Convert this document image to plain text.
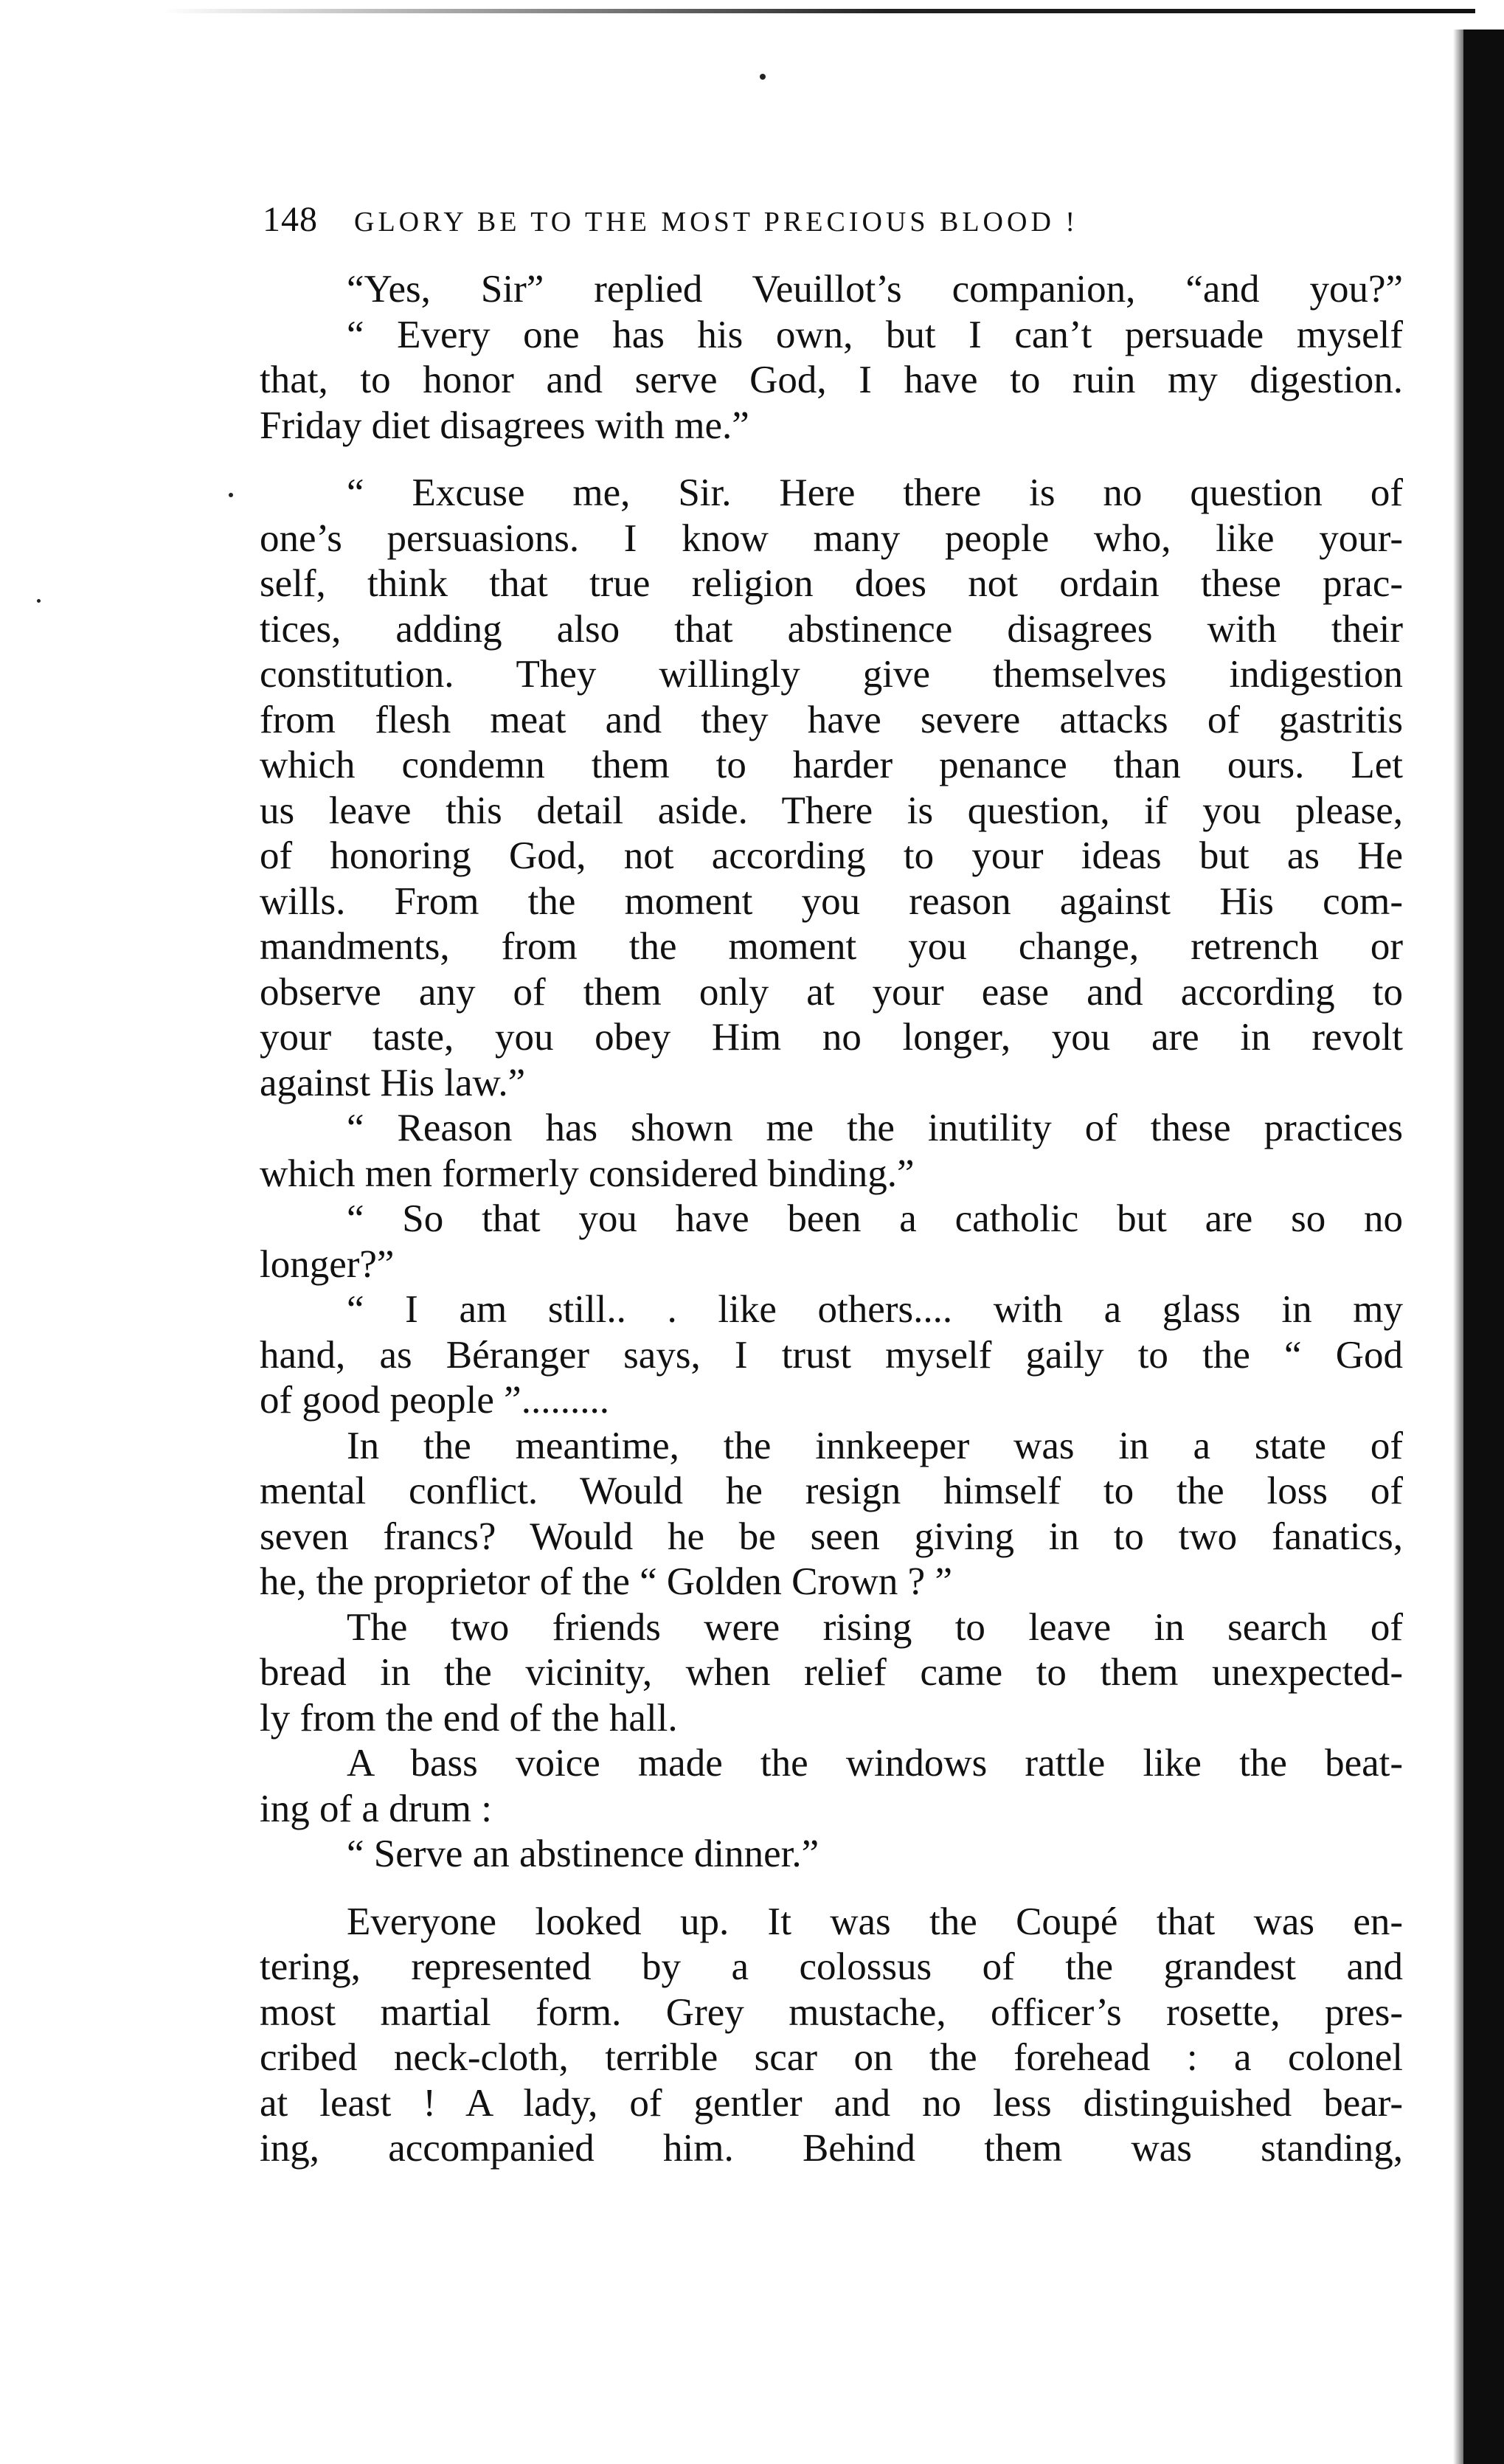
148 GLORY BE TO THE MOST PRECIOUS BLOOD !
“Yes, Sir” replied Veuillot’s companion, “and you?”
“ Every one has his own, but I can’t persuade myself
that, to honor and serve God, I have to ruin my digestion.
Friday diet disagrees with me.”
“ Excuse me, Sir. Here there is no question of
one’s persuasions. I know many people who, like your-
self, think that true religion does not ordain these prac-
tices, adding also that abstinence disagrees with their
constitution. They willingly give themselves indigestion
from flesh meat and they have severe attacks of gastritis
which condemn them to harder penance than ours. Let
us leave this detail aside. There is question, if you please,
of honoring God, not according to your ideas but as He
wills. From the moment you reason against His com-
mandments, from the moment you change, retrench or
observe any of them only at your ease and according to
your taste, you obey Him no longer, you are in revolt
against His law.”
“ Reason has shown me the inutility of these practices
which men formerly considered binding.”
“ So that you have been a catholic but are so no
longer?”
“ I am still.. . like others.... with a glass in my
hand, as Béranger says, I trust myself gaily to the “ God
of good people ”.........
In the meantime, the innkeeper was in a state of
mental conflict. Would he resign himself to the loss of
seven francs? Would he be seen giving in to two fanatics,
he, the proprietor of the “ Golden Crown ? ”
The two friends were rising to leave in search of
bread in the vicinity, when relief came to them unexpected-
ly from the end of the hall.
A bass voice made the windows rattle like the beat-
ing of a drum :
“ Serve an abstinence dinner.”
Everyone looked up. It was the Coupé that was en-
tering, represented by a colossus of the grandest and
most martial form. Grey mustache, officer’s rosette, pres-
cribed neck-cloth, terrible scar on the forehead : a colonel
at least ! A lady, of gentler and no less distinguished bear-
ing, accompanied him. Behind them was standing,
